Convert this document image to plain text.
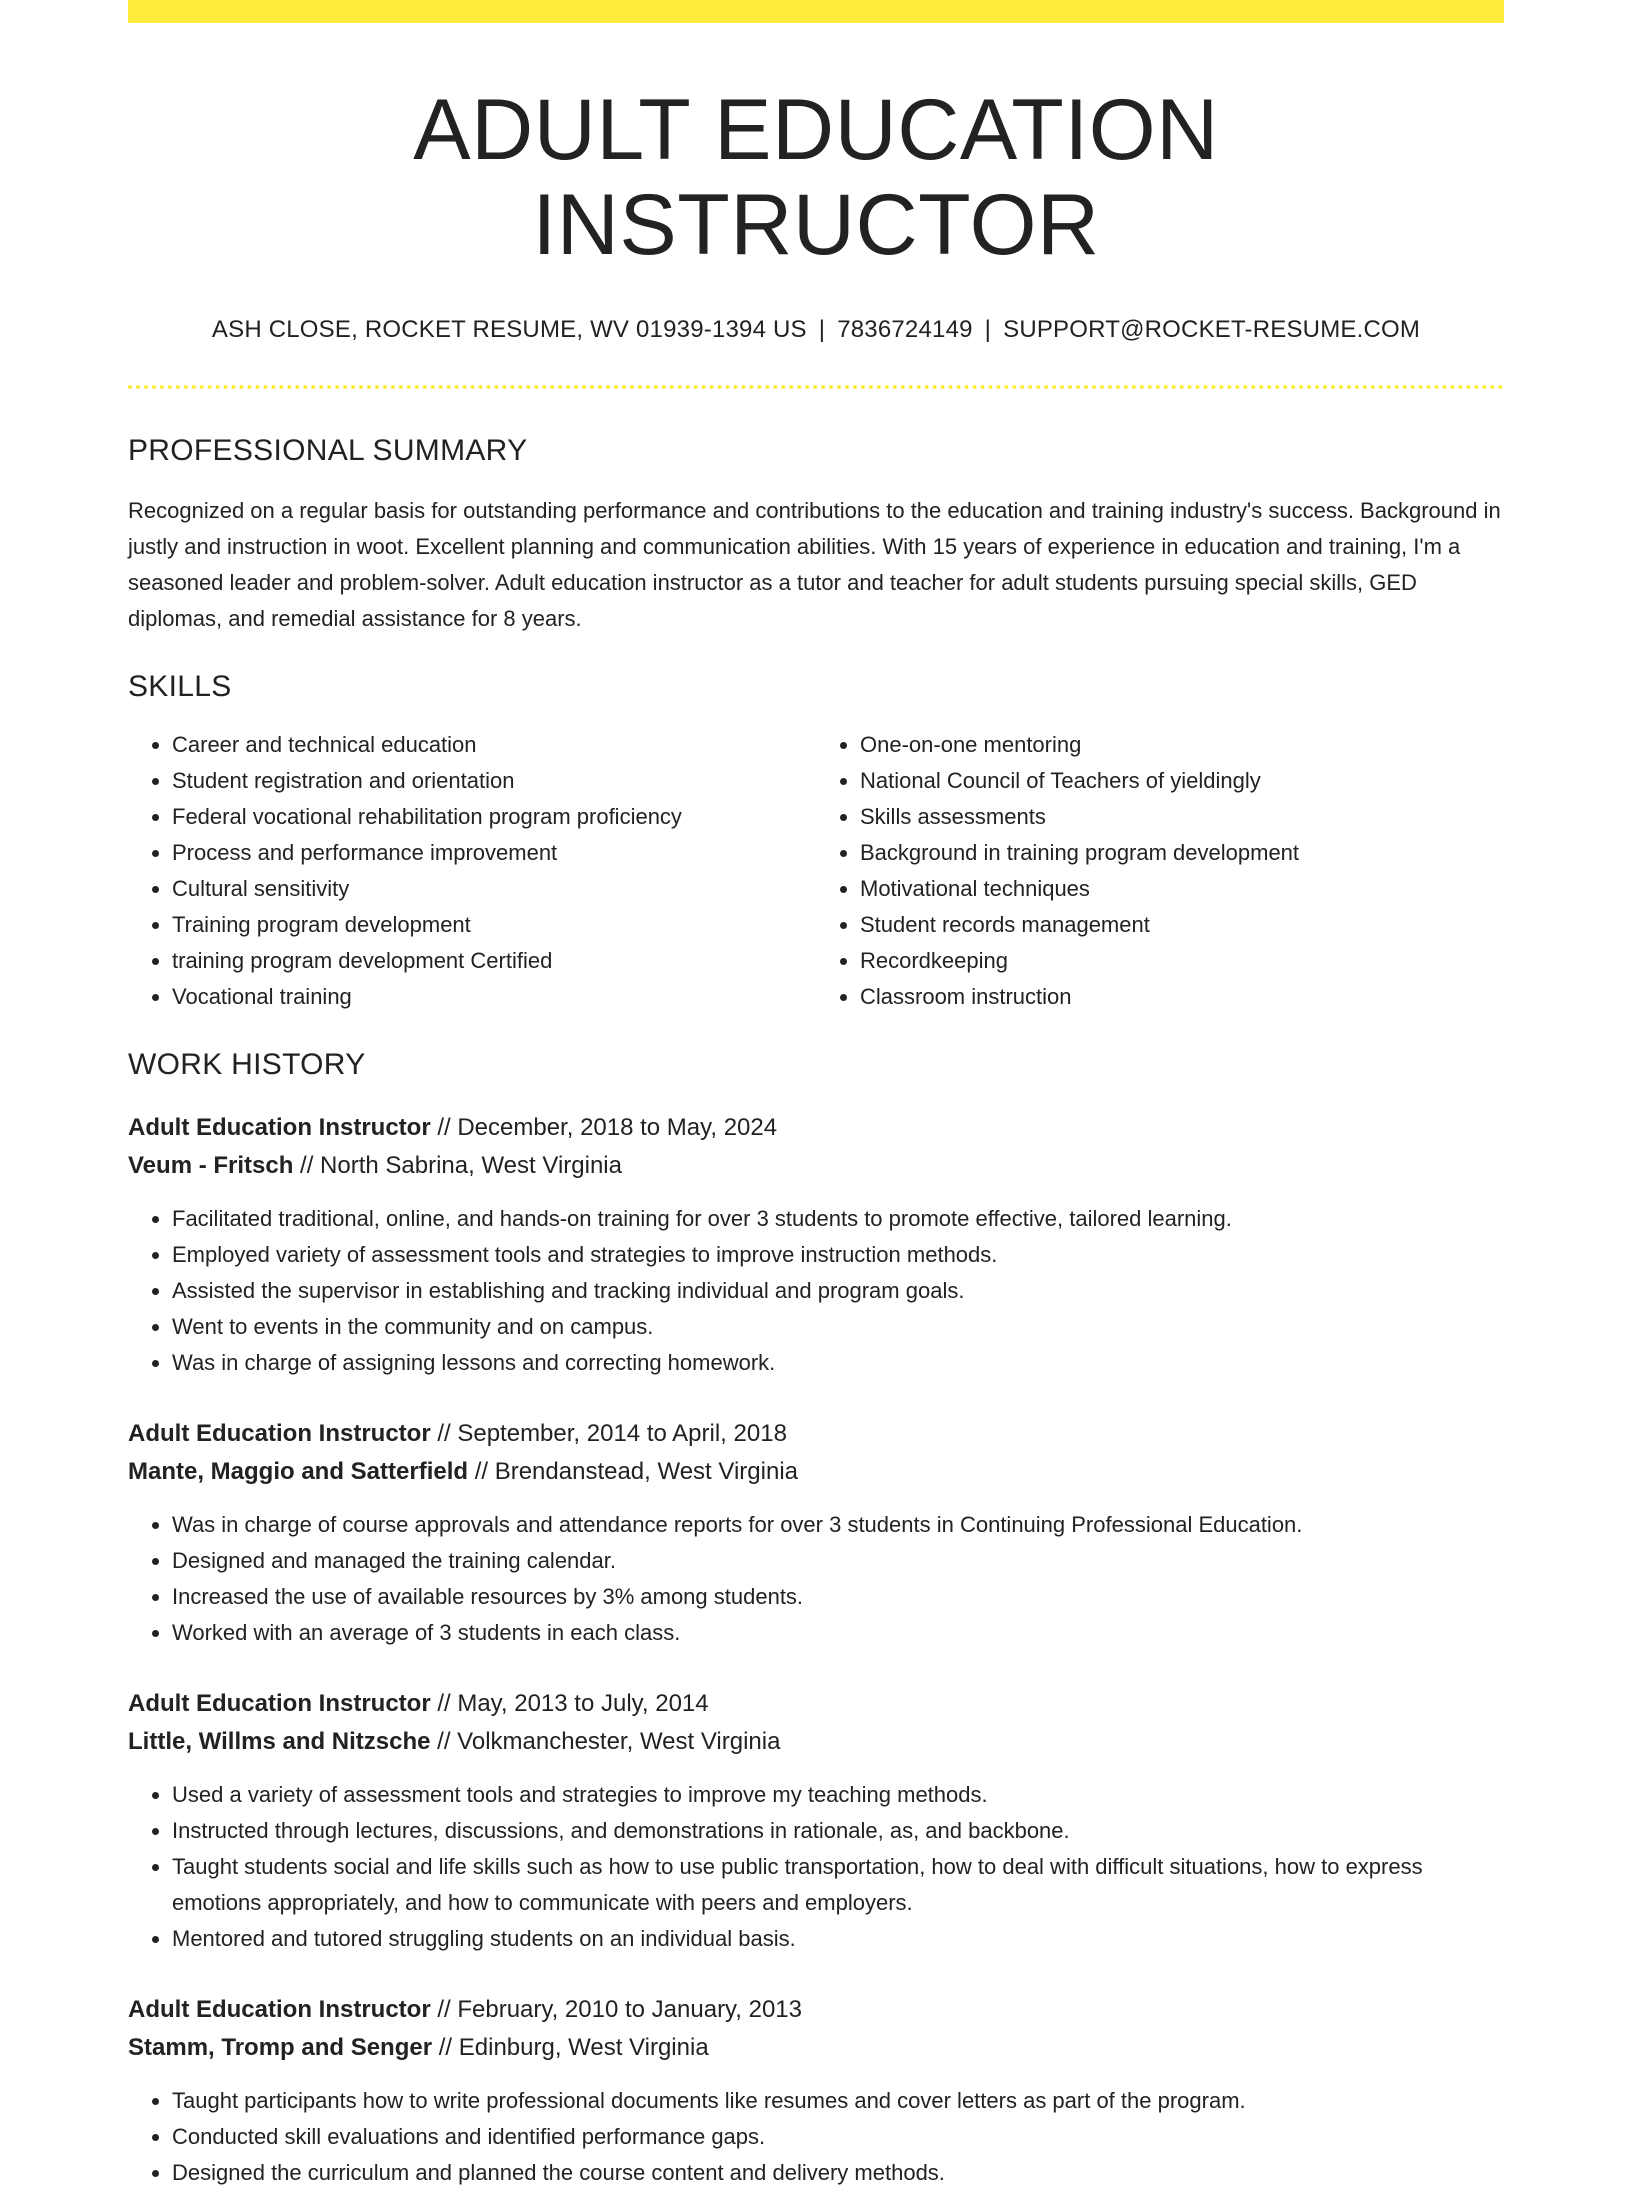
ADULT EDUCATION INSTRUCTOR
ASH CLOSE, ROCKET RESUME, WV 01939-1394 US | 7836724149 | SUPPORT@ROCKET-RESUME.COM
PROFESSIONAL SUMMARY

Recognized on a regular basis for outstanding performance and contributions to the education and training industry's success. Background in justly and instruction in woot. Excellent planning and communication abilities. With 15 years of experience in education and training, I'm a seasoned leader and problem-solver. Adult education instructor as a tutor and teacher for adult students pursuing special skills, GED diplomas, and remedial assistance for 8 years.

SKILLS
• Career and technical education
• Student registration and orientation
• Federal vocational rehabilitation program proficiency
• Process and performance improvement
• Cultural sensitivity
• Training program development
• training program development Certified
• Vocational training
• One-on-one mentoring
• National Council of Teachers of yieldingly
• Skills assessments
• Background in training program development
• Motivational techniques
• Student records management
• Recordkeeping
• Classroom instruction
WORK HISTORY
Adult Education Instructor // December, 2018 to May, 2024
Veum - Fritsch // North Sabrina, West Virginia
• Facilitated traditional, online, and hands-on training for over 3 students to promote effective, tailored learning.
• Employed variety of assessment tools and strategies to improve instruction methods.
• Assisted the supervisor in establishing and tracking individual and program goals.
• Went to events in the community and on campus.
• Was in charge of assigning lessons and correcting homework.
Adult Education Instructor // September, 2014 to April, 2018
Mante, Maggio and Satterfield // Brendanstead, West Virginia
• Was in charge of course approvals and attendance reports for over 3 students in Continuing Professional Education.
• Designed and managed the training calendar.
• Increased the use of available resources by 3% among students.
• Worked with an average of 3 students in each class.
Adult Education Instructor // May, 2013 to July, 2014
Little, Willms and Nitzsche // Volkmanchester, West Virginia
• Used a variety of assessment tools and strategies to improve my teaching methods.
• Instructed through lectures, discussions, and demonstrations in rationale, as, and backbone.
• Taught students social and life skills such as how to use public transportation, how to deal with difficult situations, how to express emotions appropriately, and how to communicate with peers and employers.
• Mentored and tutored struggling students on an individual basis.
Adult Education Instructor // February, 2010 to January, 2013
Stamm, Tromp and Senger // Edinburg, West Virginia
• Taught participants how to write professional documents like resumes and cover letters as part of the program.
• Conducted skill evaluations and identified performance gaps.
• Designed the curriculum and planned the course content and delivery methods.
